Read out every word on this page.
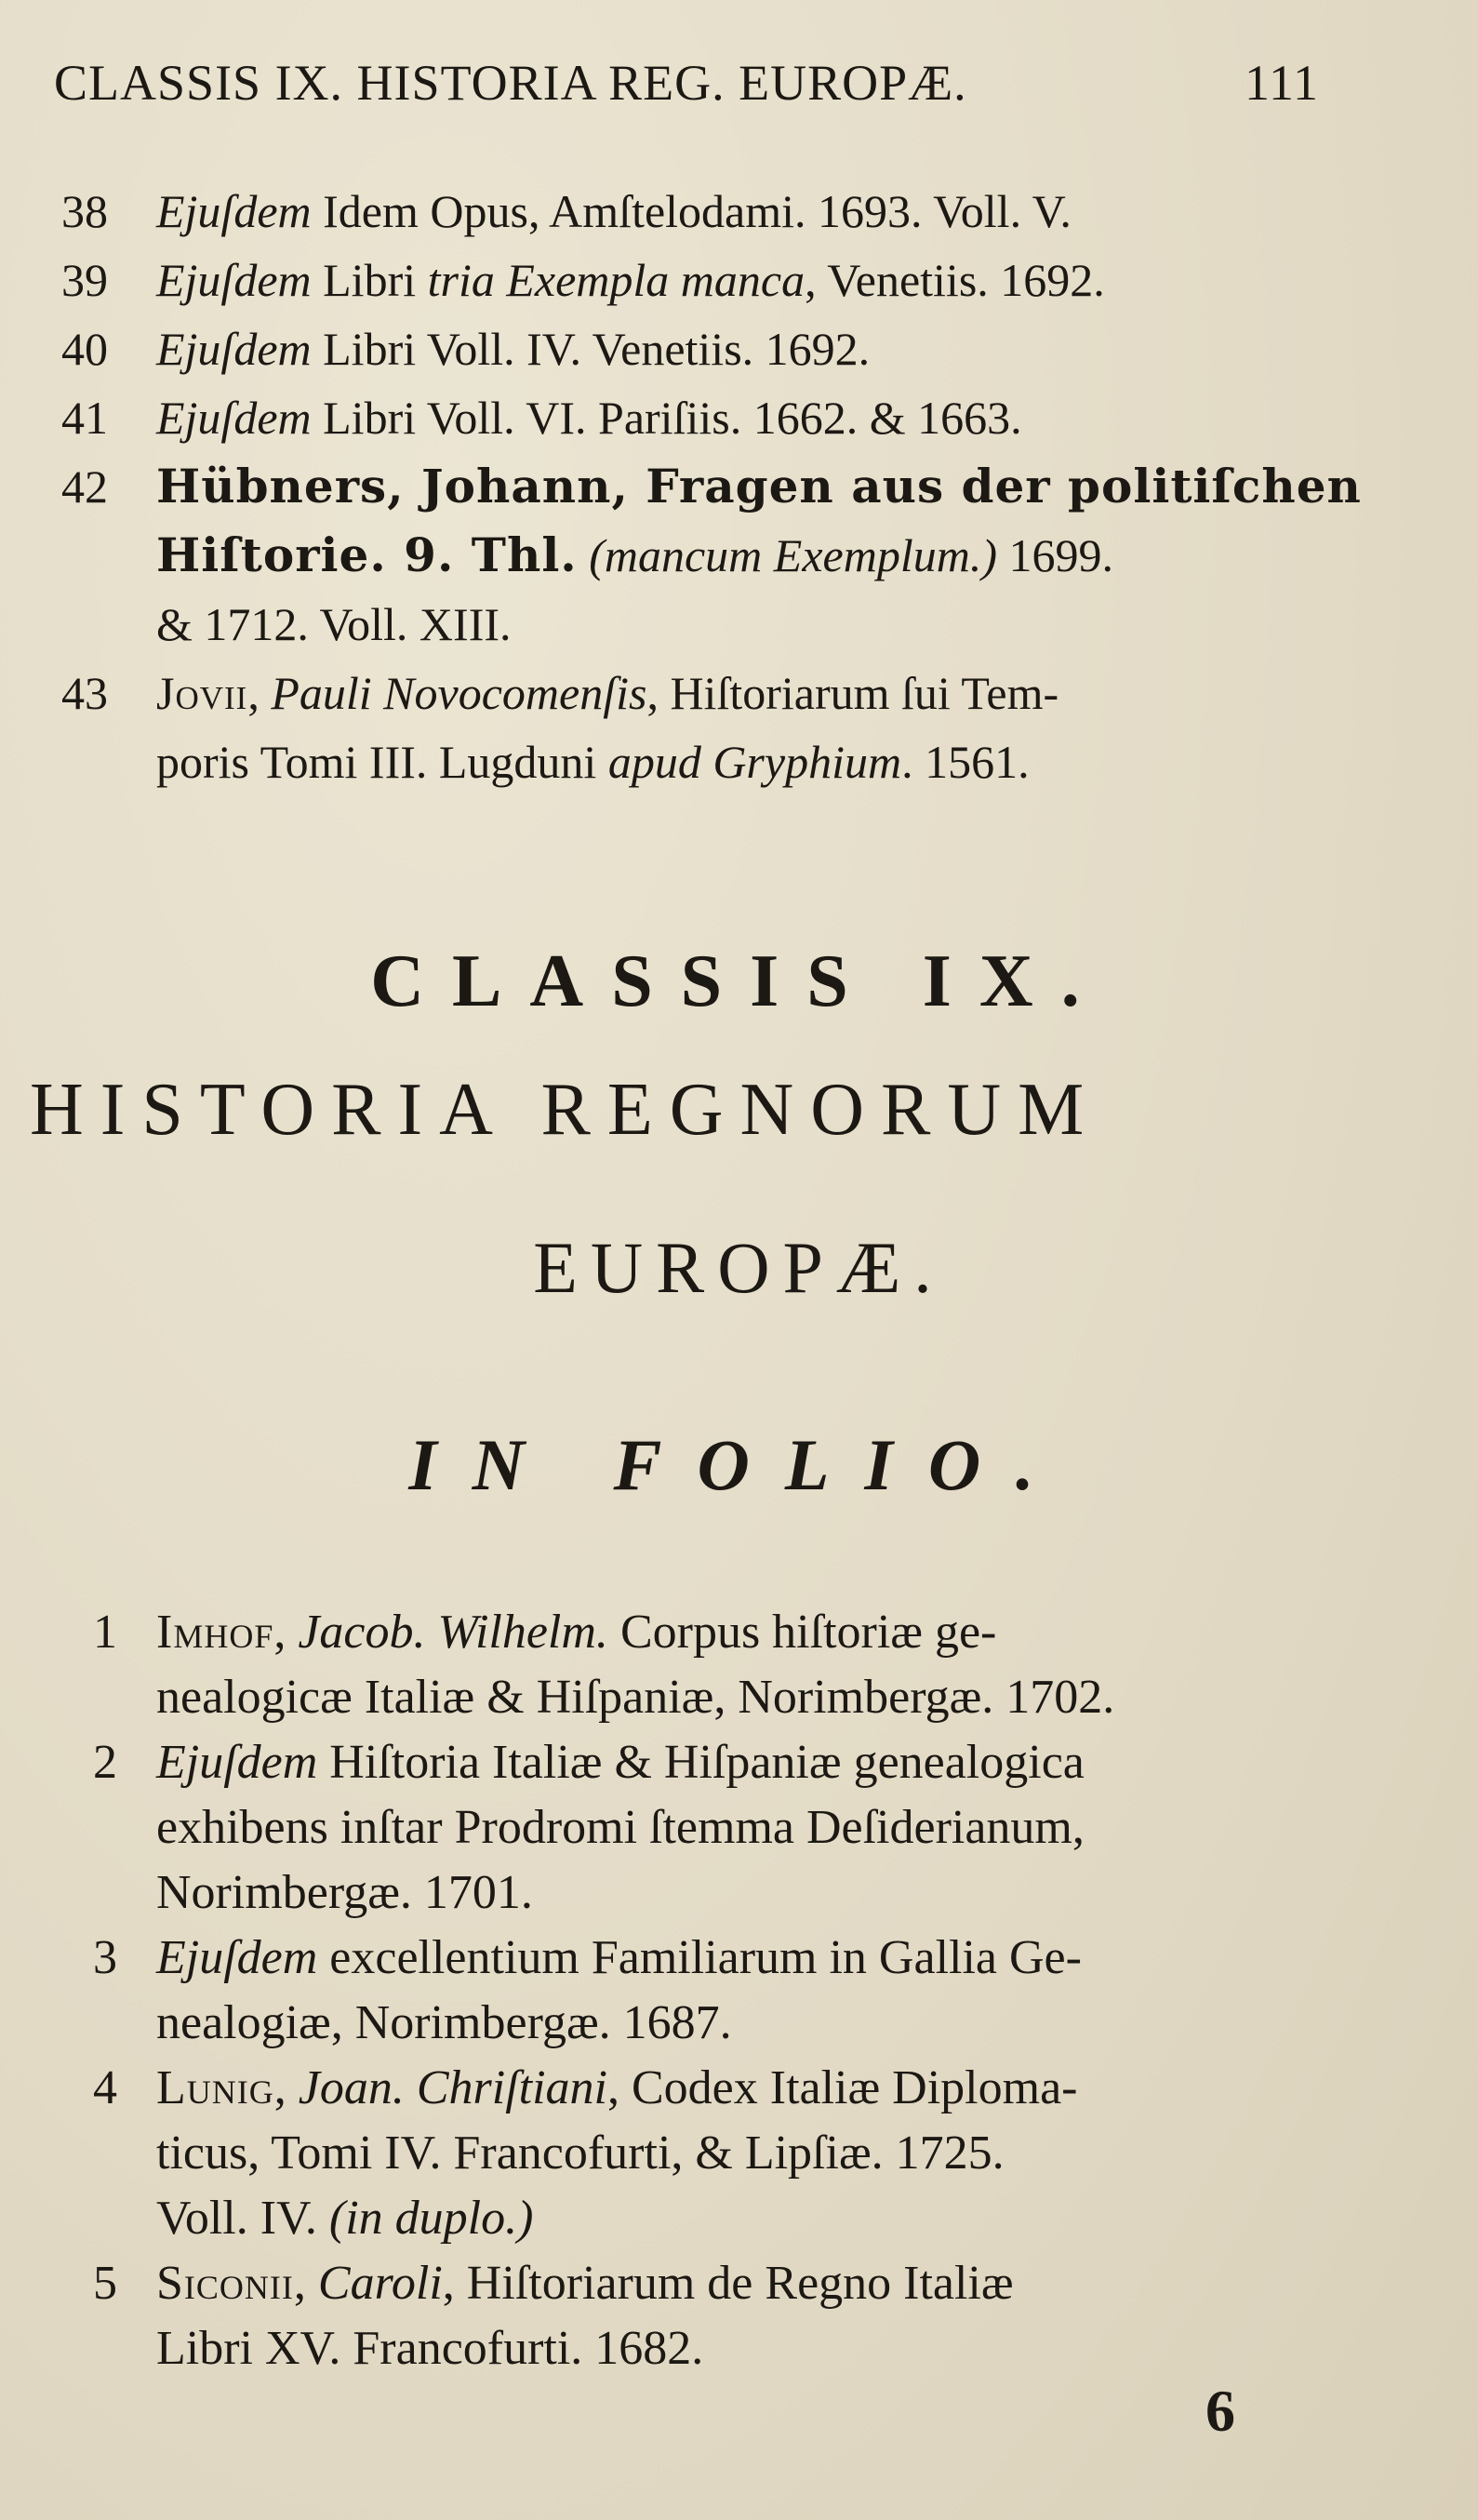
CLASSIS IX. HISTORIA REG. EUROPÆ.	111
38	Ejuſdem Idem Opus, Amſtelodami. 1693. Voll. V.
39	Ejuſdem Libri tria Exempla manca, Venetiis. 1692.
40	Ejuſdem Libri Voll. IV. Venetiis. 1692.
41	Ejuſdem Libri Voll. VI. Pariſiis. 1662. & 1663.
42	Hübners, Johann, Fragen aus der politiſchen
Hiſtorie. 9. Thl. (mancum Exemplum.) 1699.
& 1712. Voll. XIII.
43	Jovii, Pauli Novocomenſis, Hiſtoriarum ſui Tem-
poris Tomi III. Lugduni apud Gryphium. 1561.
CLASSIS IX.
HISTORIA REGNORUM
EUROPÆ.
IN FOLIO.
1 Imhof, Jacob. Wilhelm. Corpus hiſtoriæ ge-
nealogicæ Italiæ & Hiſpaniæ, Norimbergæ. 1702.
2 Ejuſdem Hiſtoria Italiæ & Hiſpaniæ genealogica
exhibens inſtar Prodromi ſtemma Deſiderianum,
Norimbergæ. 1701.
3 Ejuſdem excellentium Familiarum in Gallia Ge-
nealogiæ, Norimbergæ. 1687.
4 Lunig, Joan. Chriſtiani, Codex Italiæ Diploma-
ticus, Tomi IV. Francofurti, & Lipſiæ. 1725.
Voll. IV. (in duplo.)
5 Siconii, Caroli, Hiſtoriarum de Regno Italiæ
Libri XV. Francofurti. 1682.
6
